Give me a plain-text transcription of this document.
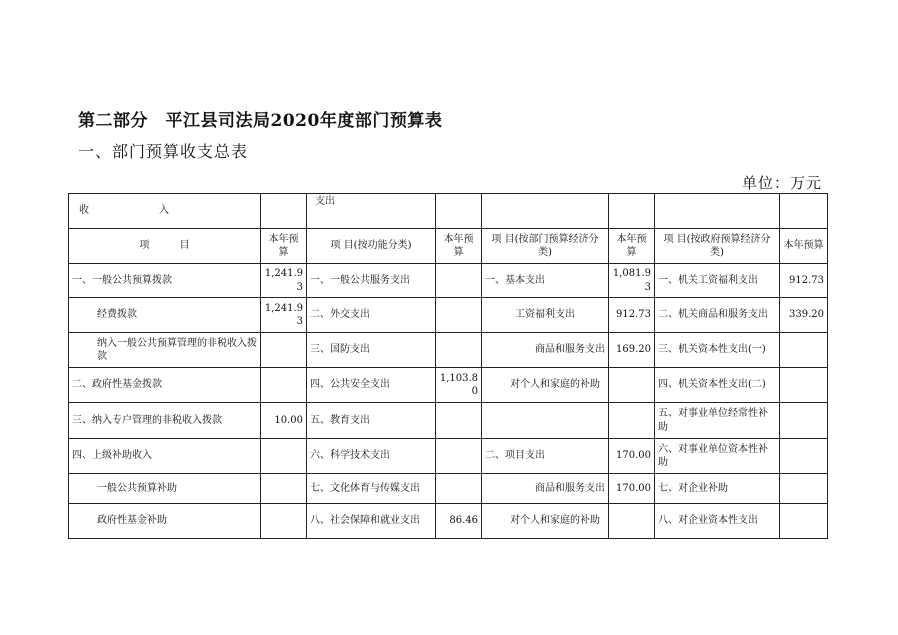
第二部分　平江县司法局2020年度部门预算表
一、部门预算收支总表
单位：万元
收　　　　　　　入		支出					
项　　　目	本年预算	项 目(按功能分类)	本年预算	项 目(按部门预算经济分类)	本年预算	项 目(按政府预算经济分类)	本年预算
一、一般公共预算拨款	1,241.93	一、一般公共服务支出		一、基本支出	1,081.93	一、机关工资福利支出	912.73
经费拨款	1,241.93	二、外交支出		工资福利支出	912.73	二、机关商品和服务支出	339.20
纳入一般公共预算管理的非税收入拨款		三、国防支出		商品和服务支出	169.20	三、机关资本性支出(一)	
二、政府性基金拨款		四、公共安全支出	1,103.80	对个人和家庭的补助		四、机关资本性支出(二)	
三、纳入专户管理的非税收入拨款	10.00	五、教育支出				五、对事业单位经常性补助	
四、上级补助收入		六、科学技术支出		二、项目支出	170.00	六、对事业单位资本性补助	
一般公共预算补助		七、文化体育与传媒支出		商品和服务支出	170.00	七、对企业补助	
政府性基金补助		八、社会保障和就业支出	86.46	对个人和家庭的补助		八、对企业资本性支出	
